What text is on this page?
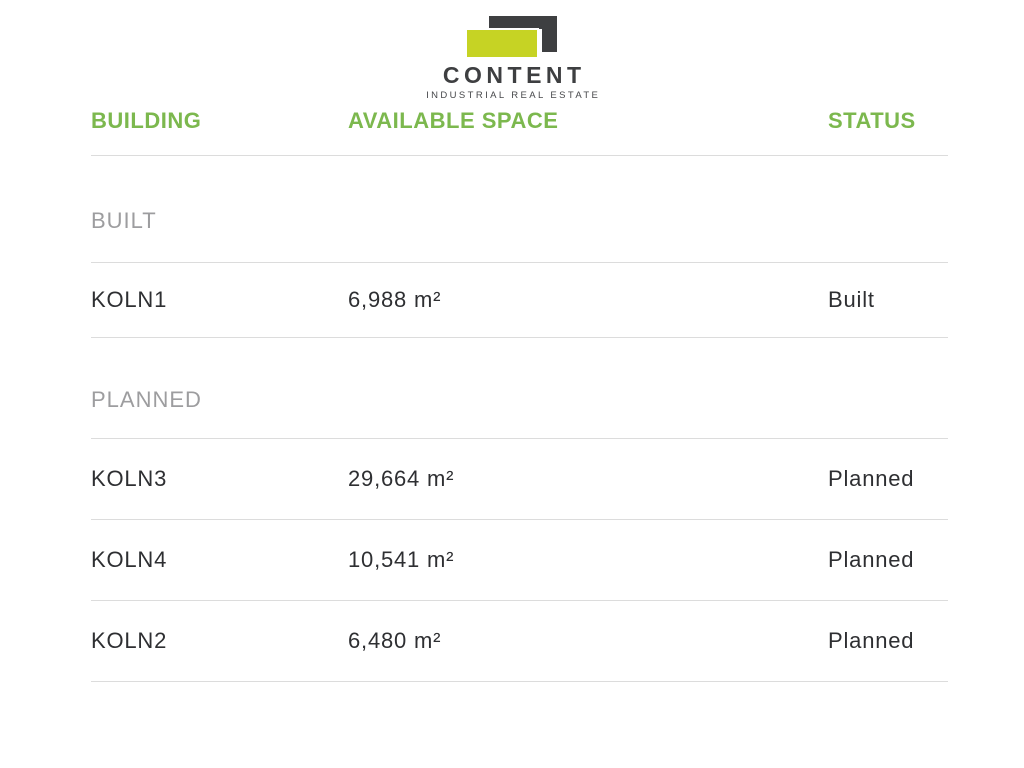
CONTENT
INDUSTRIAL REAL ESTATE
BUILDING	AVAILABLE SPACE	STATUS
BUILT
KOLN1	6,988 m²	Built
PLANNED
KOLN3	29,664 m²	Planned
KOLN4	10,541 m²	Planned
KOLN2	6,480 m²	Planned
